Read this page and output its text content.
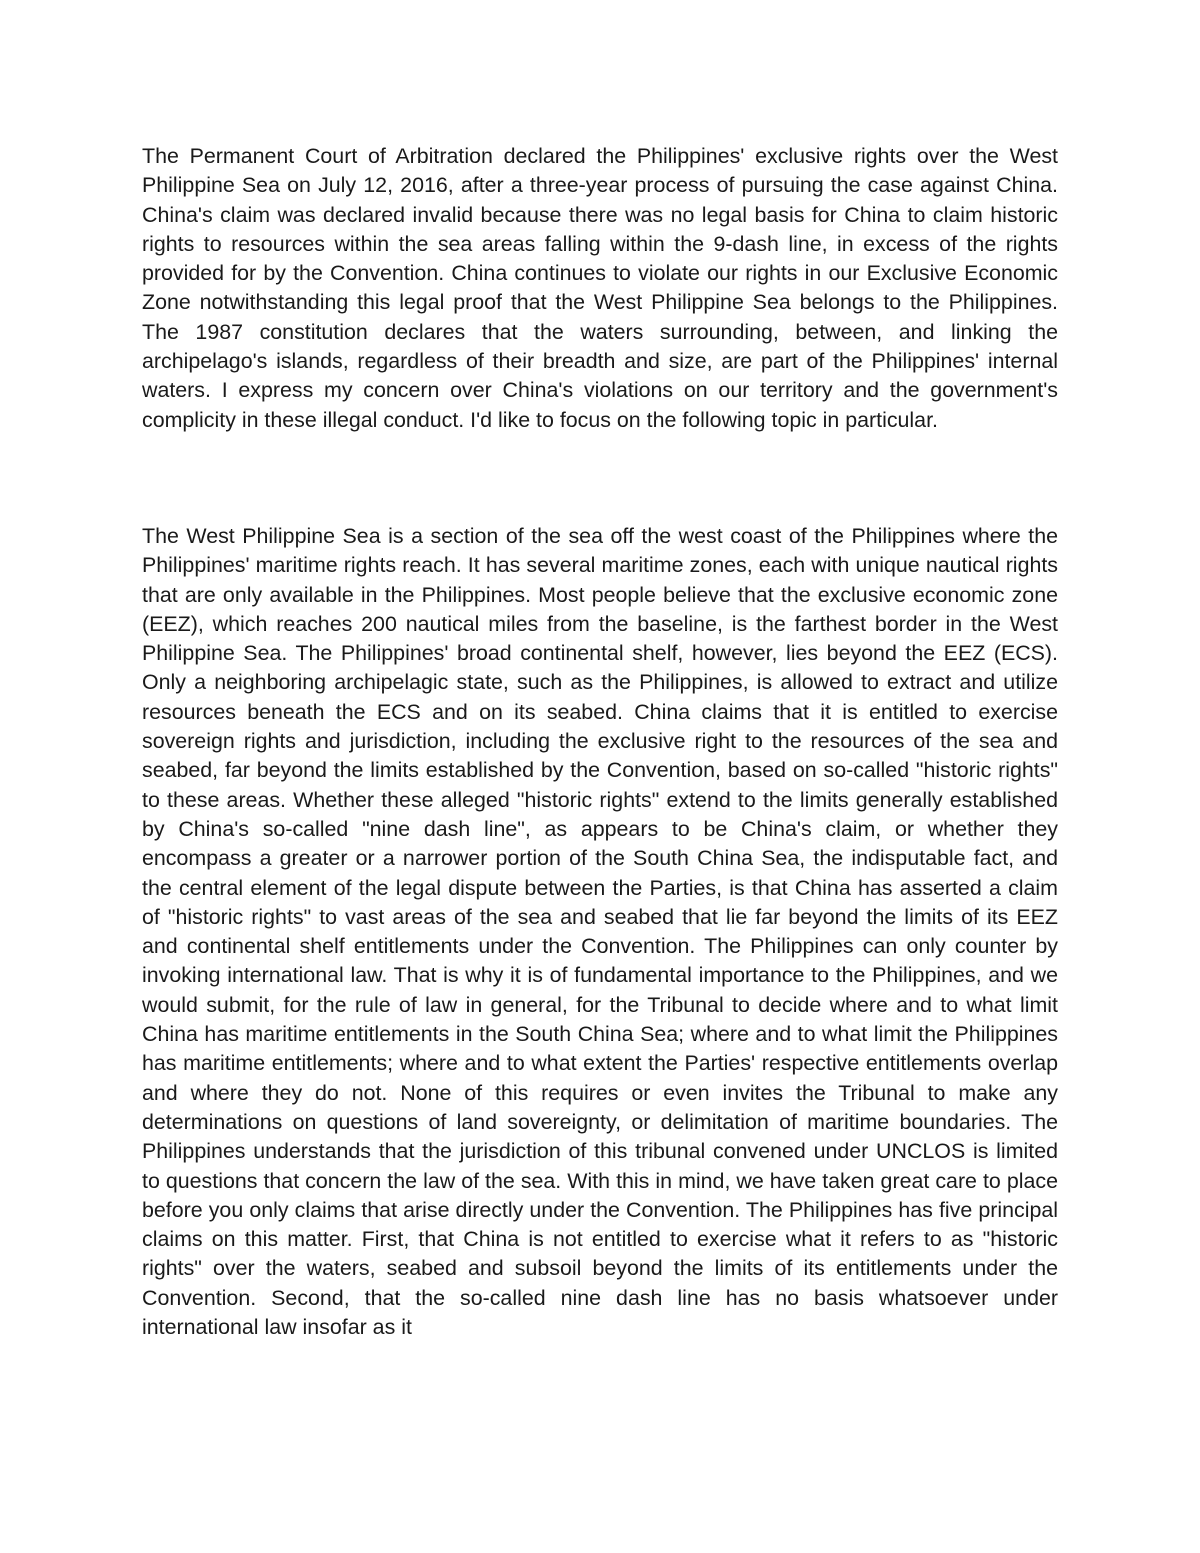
The Permanent Court of Arbitration declared the Philippines' exclusive rights over the West Philippine Sea on July 12, 2016, after a three-year process of pursuing the case against China. China's claim was declared invalid because there was no legal basis for China to claim historic rights to resources within the sea areas falling within the 9-dash line, in excess of the rights provided for by the Convention. China continues to violate our rights in our Exclusive Economic Zone notwithstanding this legal proof that the West Philippine Sea belongs to the Philippines. The 1987 constitution declares that the waters surrounding, between, and linking the archipelago's islands, regardless of their breadth and size, are part of the Philippines' internal waters. I express my concern over China's violations on our territory and the government's complicity in these illegal conduct. I'd like to focus on the following topic in particular.

The West Philippine Sea is a section of the sea off the west coast of the Philippines where the Philippines' maritime rights reach. It has several maritime zones, each with unique nautical rights that are only available in the Philippines. Most people believe that the exclusive economic zone (EEZ), which reaches 200 nautical miles from the baseline, is the farthest border in the West Philippine Sea. The Philippines' broad continental shelf, however, lies beyond the EEZ (ECS). Only a neighboring archipelagic state, such as the Philippines, is allowed to extract and utilize resources beneath the ECS and on its seabed. China claims that it is entitled to exercise sovereign rights and jurisdiction, including the exclusive right to the resources of the sea and seabed, far beyond the limits established by the Convention, based on so-called "historic rights" to these areas. Whether these alleged "historic rights" extend to the limits generally established by China's so-called "nine dash line", as appears to be China's claim, or whether they encompass a greater or a narrower portion of the South China Sea, the indisputable fact, and the central element of the legal dispute between the Parties, is that China has asserted a claim of "historic rights" to vast areas of the sea and seabed that lie far beyond the limits of its EEZ and continental shelf entitlements under the Convention. The Philippines can only counter by invoking international law. That is why it is of fundamental importance to the Philippines, and we would submit, for the rule of law in general, for the Tribunal to decide where and to what limit China has maritime entitlements in the South China Sea; where and to what limit the Philippines has maritime entitlements; where and to what extent the Parties' respective entitlements overlap and where they do not. None of this requires or even invites the Tribunal to make any determinations on questions of land sovereignty, or delimitation of maritime boundaries. The Philippines understands that the jurisdiction of this tribunal convened under UNCLOS is limited to questions that concern the law of the sea. With this in mind, we have taken great care to place before you only claims that arise directly under the Convention. The Philippines has five principal claims on this matter. First, that China is not entitled to exercise what it refers to as "historic rights" over the waters, seabed and subsoil beyond the limits of its entitlements under the Convention. Second, that the so-called nine dash line has no basis whatsoever under international law insofar as it
